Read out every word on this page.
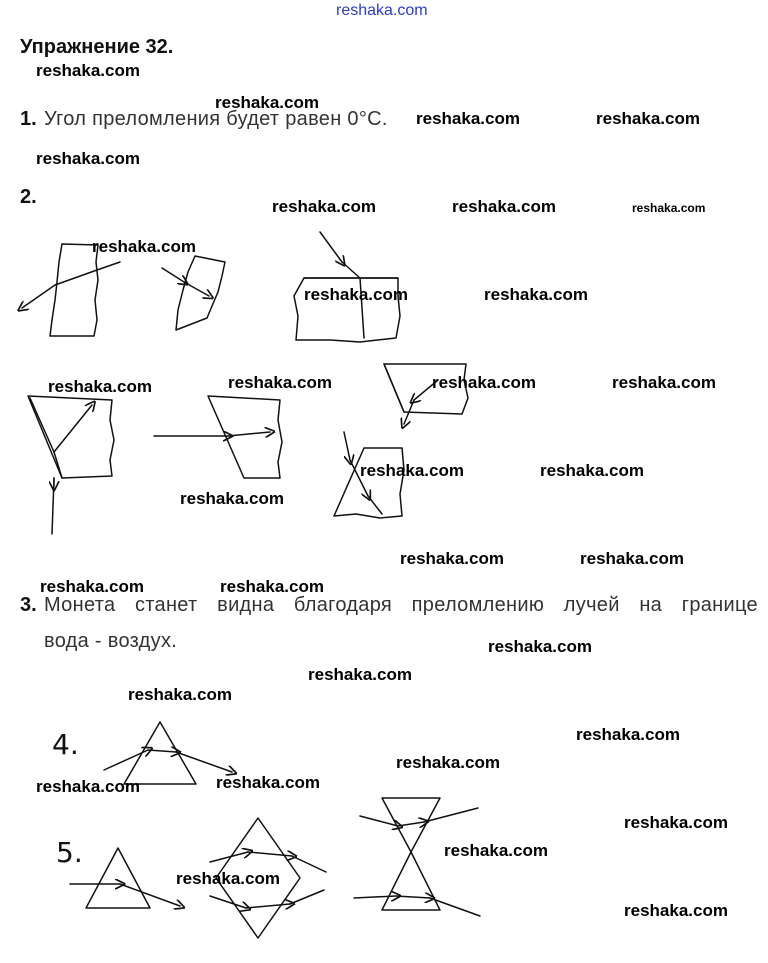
reshaka.com
Упражнение 32.
1. Угол преломления будет равен 0°С.
2.
3. Монета станет видна благодаря преломлению лучей на границе
вода - воздух.
4.
5.
reshaka.com
reshaka.com
reshaka.com	reshaka.com
reshaka.com
reshaka.com	reshaka.com	reshaka.com
reshaka.com
reshaka.com	reshaka.com
reshaka.com	reshaka.com	reshaka.com	reshaka.com
reshaka.com	reshaka.com
reshaka.com
reshaka.com	reshaka.com
reshaka.com	reshaka.com
reshaka.com
reshaka.com
reshaka.com
reshaka.com
reshaka.com
reshaka.com
reshaka.com
reshaka.com
reshaka.com
reshaka.com
reshaka.com
